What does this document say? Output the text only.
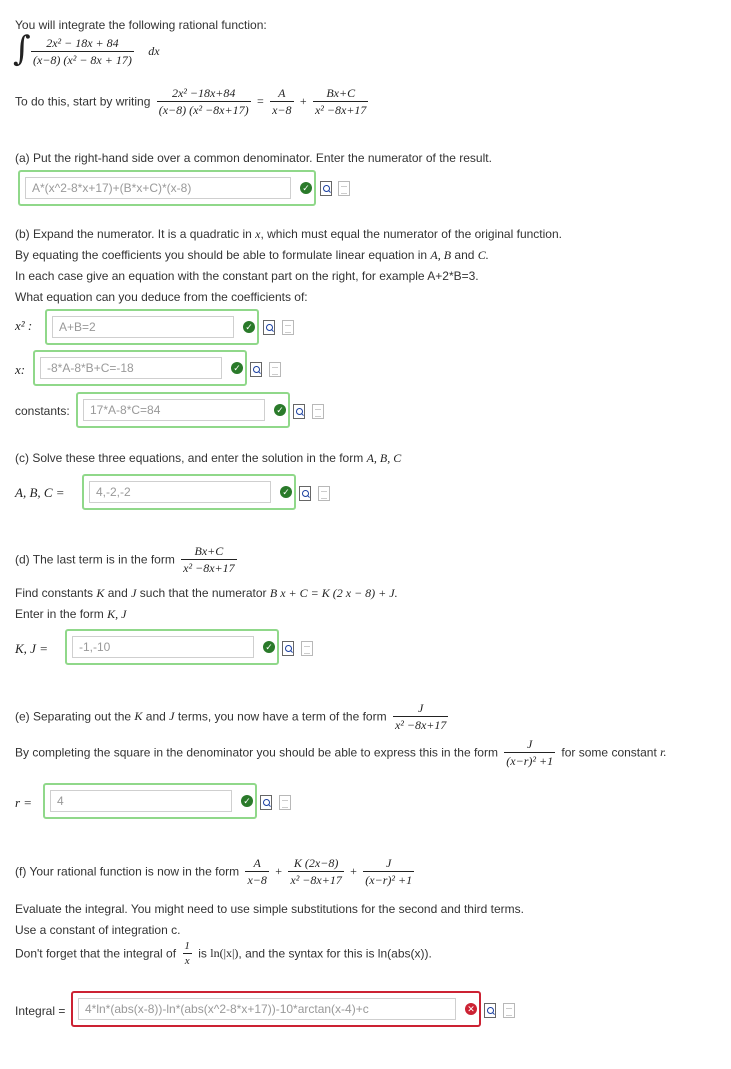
You will integrate the following rational function:
∫ $\frac{\text{2x² − 18x + 84}}{\text{(x−8) (x² − 8x + 17)}}$ dx
To do this, start by writing $\frac{\text{2x² −18x+84}}{\text{(x−8) (x² −8x+17)}} = \frac{A}{x-8} + \frac{Bx+C}{\text{x² −8x+17}}$
(a) Put the right-hand side over a common denominator. Enter the numerator of the result.
A*(x^2-8*x+17)+(B*x+C)*(x-8)
✓
(b) Expand the numerator. It is a quadratic in x, which must equal the numerator of the original function.
By equating the coefficients you should be able to formulate linear equation in A, B and C.
In each case give an equation with the constant part on the right, for example A+2*B=3.
What equation can you deduce from the coefficients of:
x² :
A+B=2	✓
x:
-8*A-8*B+C=-18	✓
constants:
17*A-8*C=84	✓
(c) Solve these three equations, and enter the solution in the form A, B, C
A, B, C =
4,-2,-2	✓
(d) The last term is in the form $\frac{Bx+C}{\text{x² −8x+17}}$
Find constants K and J such that the numerator B x + C = K (2 x − 8) + J.
Enter in the form K, J
K, J =
-1,-10	✓
(e) Separating out the K and J terms, you now have a term of the form $\frac{J}{\text{x² −8x+17}}$
By completing the square in the denominator you should be able to express this in the form $\frac{J}{\text{(x−r)² +1}}$ for some constant r.
r =
4	✓
(f) Your rational function is now in the form $\frac{A}{x-8} + \frac{K (2x-8)}{\text{x² −8x+17}} + \frac{J}{\text{(x−r)² +1}}$
Evaluate the integral. You might need to use simple substitutions for the second and third terms.
Use a constant of integration c.
Don't forget that the integral of $\frac{1}{x}$ is ln(|x|), and the syntax for this is ln(abs(x)).
Integral =
4*ln*(abs(x-8))-ln*(abs(x^2-8*x+17))-10*arctan(x-4)+c	✕
